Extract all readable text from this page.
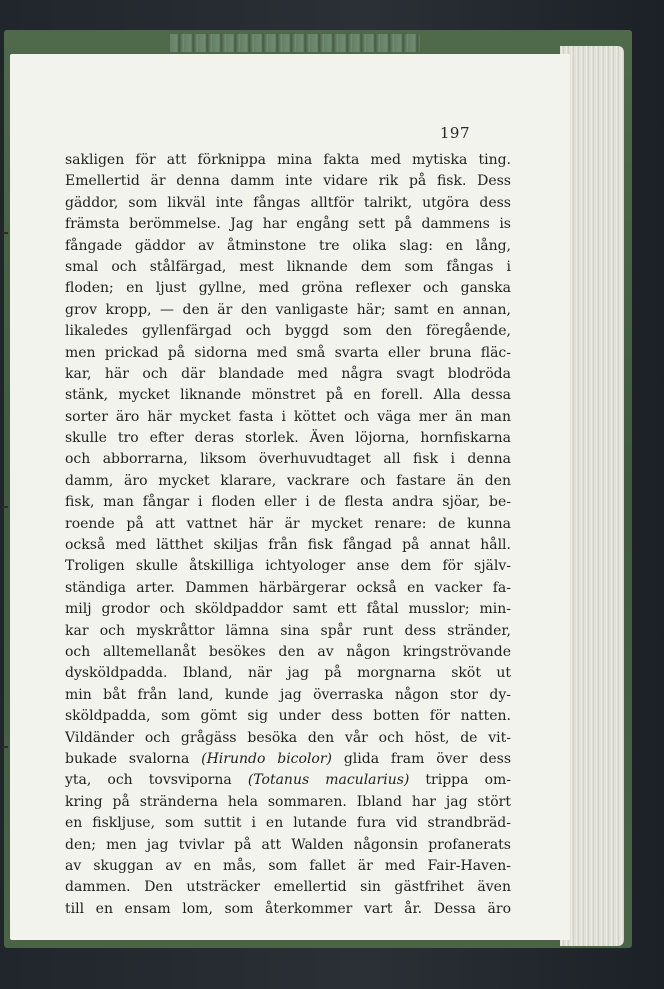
197
sakligen för att förknippa mina fakta med mytiska ting.
Emellertid är denna damm inte vidare rik på fisk. Dess
gäddor, som likväl inte fångas alltför talrikt, utgöra dess
främsta berömmelse. Jag har engång sett på dammens is
fångade gäddor av åtminstone tre olika slag: en lång,
smal och stålfärgad, mest liknande dem som fångas i
floden; en ljust gyllne, med gröna reflexer och ganska
grov kropp, — den är den vanligaste här; samt en annan,
likaledes gyllenfärgad och byggd som den föregående,
men prickad på sidorna med små svarta eller bruna fläc-
kar, här och där blandade med några svagt blodröda
stänk, mycket liknande mönstret på en forell. Alla dessa
sorter äro här mycket fasta i köttet och väga mer än man
skulle tro efter deras storlek. Även löjorna, hornfiskarna
och abborrarna, liksom överhuvudtaget all fisk i denna
damm, äro mycket klarare, vackrare och fastare än den
fisk, man fångar i floden eller i de flesta andra sjöar, be-
roende på att vattnet här är mycket renare: de kunna
också med lätthet skiljas från fisk fångad på annat håll.
Troligen skulle åtskilliga ichtyologer anse dem för själv-
ständiga arter. Dammen härbärgerar också en vacker fa-
milj grodor och sköldpaddor samt ett fåtal musslor; min-
kar och myskråttor lämna sina spår runt dess stränder,
och alltemellanåt besökes den av någon kringströvande
dysköldpadda. Ibland, när jag på morgnarna sköt ut
min båt från land, kunde jag överraska någon stor dy-
sköldpadda, som gömt sig under dess botten för natten.
Vildänder och grågäss besöka den vår och höst, de vit-
bukade svalorna (Hirundo bicolor) glida fram över dess
yta, och tovsviporna (Totanus macularius) trippa om-
kring på stränderna hela sommaren. Ibland har jag stört
en fiskljuse, som suttit i en lutande fura vid strandbräd-
den; men jag tvivlar på att Walden någonsin profanerats
av skuggan av en mås, som fallet är med Fair-Haven-
dammen. Den utsträcker emellertid sin gästfrihet även
till en ensam lom, som återkommer vart år. Dessa äro
